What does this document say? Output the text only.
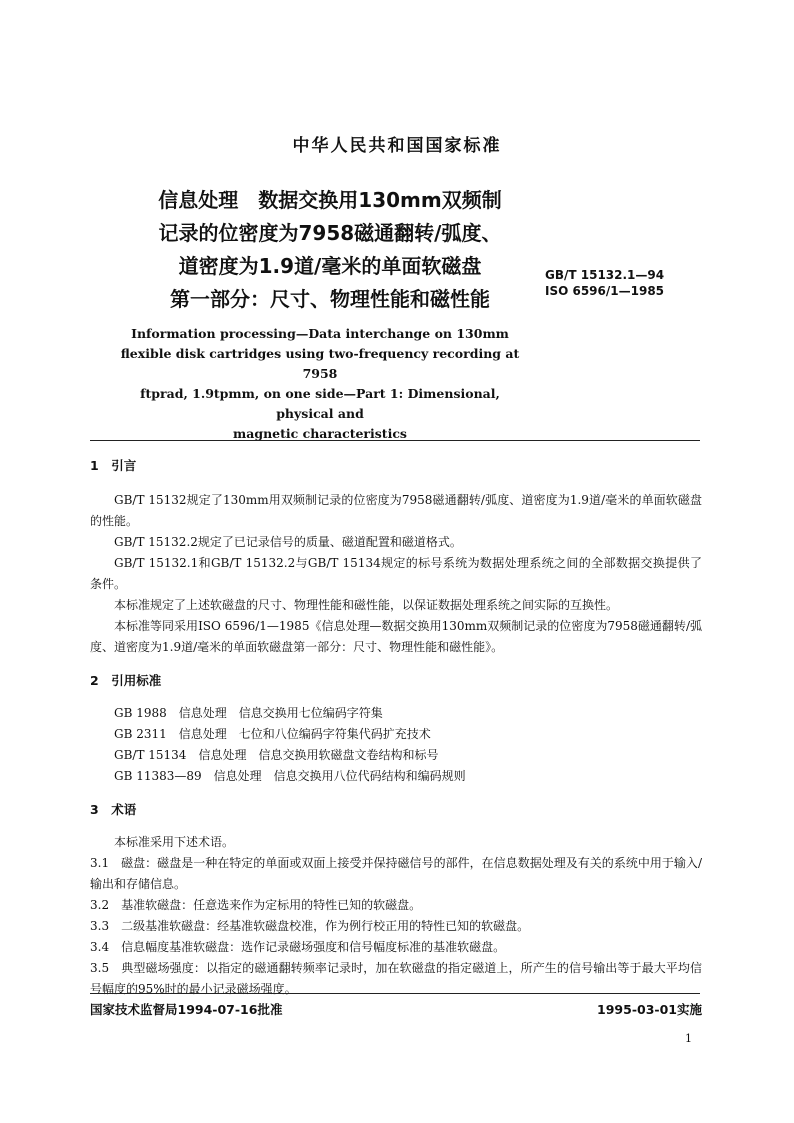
中华人民共和国国家标准
信息处理　数据交换用130mm双频制
记录的位密度为7958磁通翻转/弧度、
道密度为1.9道/毫米的单面软磁盘
第一部分：尺寸、物理性能和磁性能
GB/T 15132.1—94
ISO 6596/1—1985
Information processing—Data interchange on 130mm
flexible disk cartridges using two-frequency recording at 7958
ftprad, 1.9tpmm, on one side—Part 1: Dimensional, physical and
magnetic characteristics
1　引言
GB/T 15132规定了130mm用双频制记录的位密度为7958磁通翻转/弧度、道密度为1.9道/毫米的单面软磁盘的性能。
GB/T 15132.2规定了已记录信号的质量、磁道配置和磁道格式。
GB/T 15132.1和GB/T 15132.2与GB/T 15134规定的标号系统为数据处理系统之间的全部数据交换提供了条件。
本标准规定了上述软磁盘的尺寸、物理性能和磁性能，以保证数据处理系统之间实际的互换性。
本标准等同采用ISO 6596/1—1985《信息处理—数据交换用130mm双频制记录的位密度为7958磁通翻转/弧度、道密度为1.9道/毫米的单面软磁盘第一部分：尺寸、物理性能和磁性能》。
2　引用标准
GB 1988　信息处理　信息交换用七位编码字符集
GB 2311　信息处理　七位和八位编码字符集代码扩充技术
GB/T 15134　信息处理　信息交换用软磁盘文卷结构和标号
GB 11383—89　信息处理　信息交换用八位代码结构和编码规则
3　术语
本标准采用下述术语。
3.1　磁盘：磁盘是一种在特定的单面或双面上接受并保持磁信号的部件，在信息数据处理及有关的系统中用于输入/输出和存储信息。
3.2　基准软磁盘：任意选来作为定标用的特性已知的软磁盘。
3.3　二级基准软磁盘：经基准软磁盘校准，作为例行校正用的特性已知的软磁盘。
3.4　信息幅度基准软磁盘：选作记录磁场强度和信号幅度标准的基准软磁盘。
3.5　典型磁场强度：以指定的磁通翻转频率记录时，加在软磁盘的指定磁道上，所产生的信号输出等于最大平均信号幅度的95%时的最小记录磁场强度。
国家技术监督局1994-07-16批准	1995-03-01实施
1
